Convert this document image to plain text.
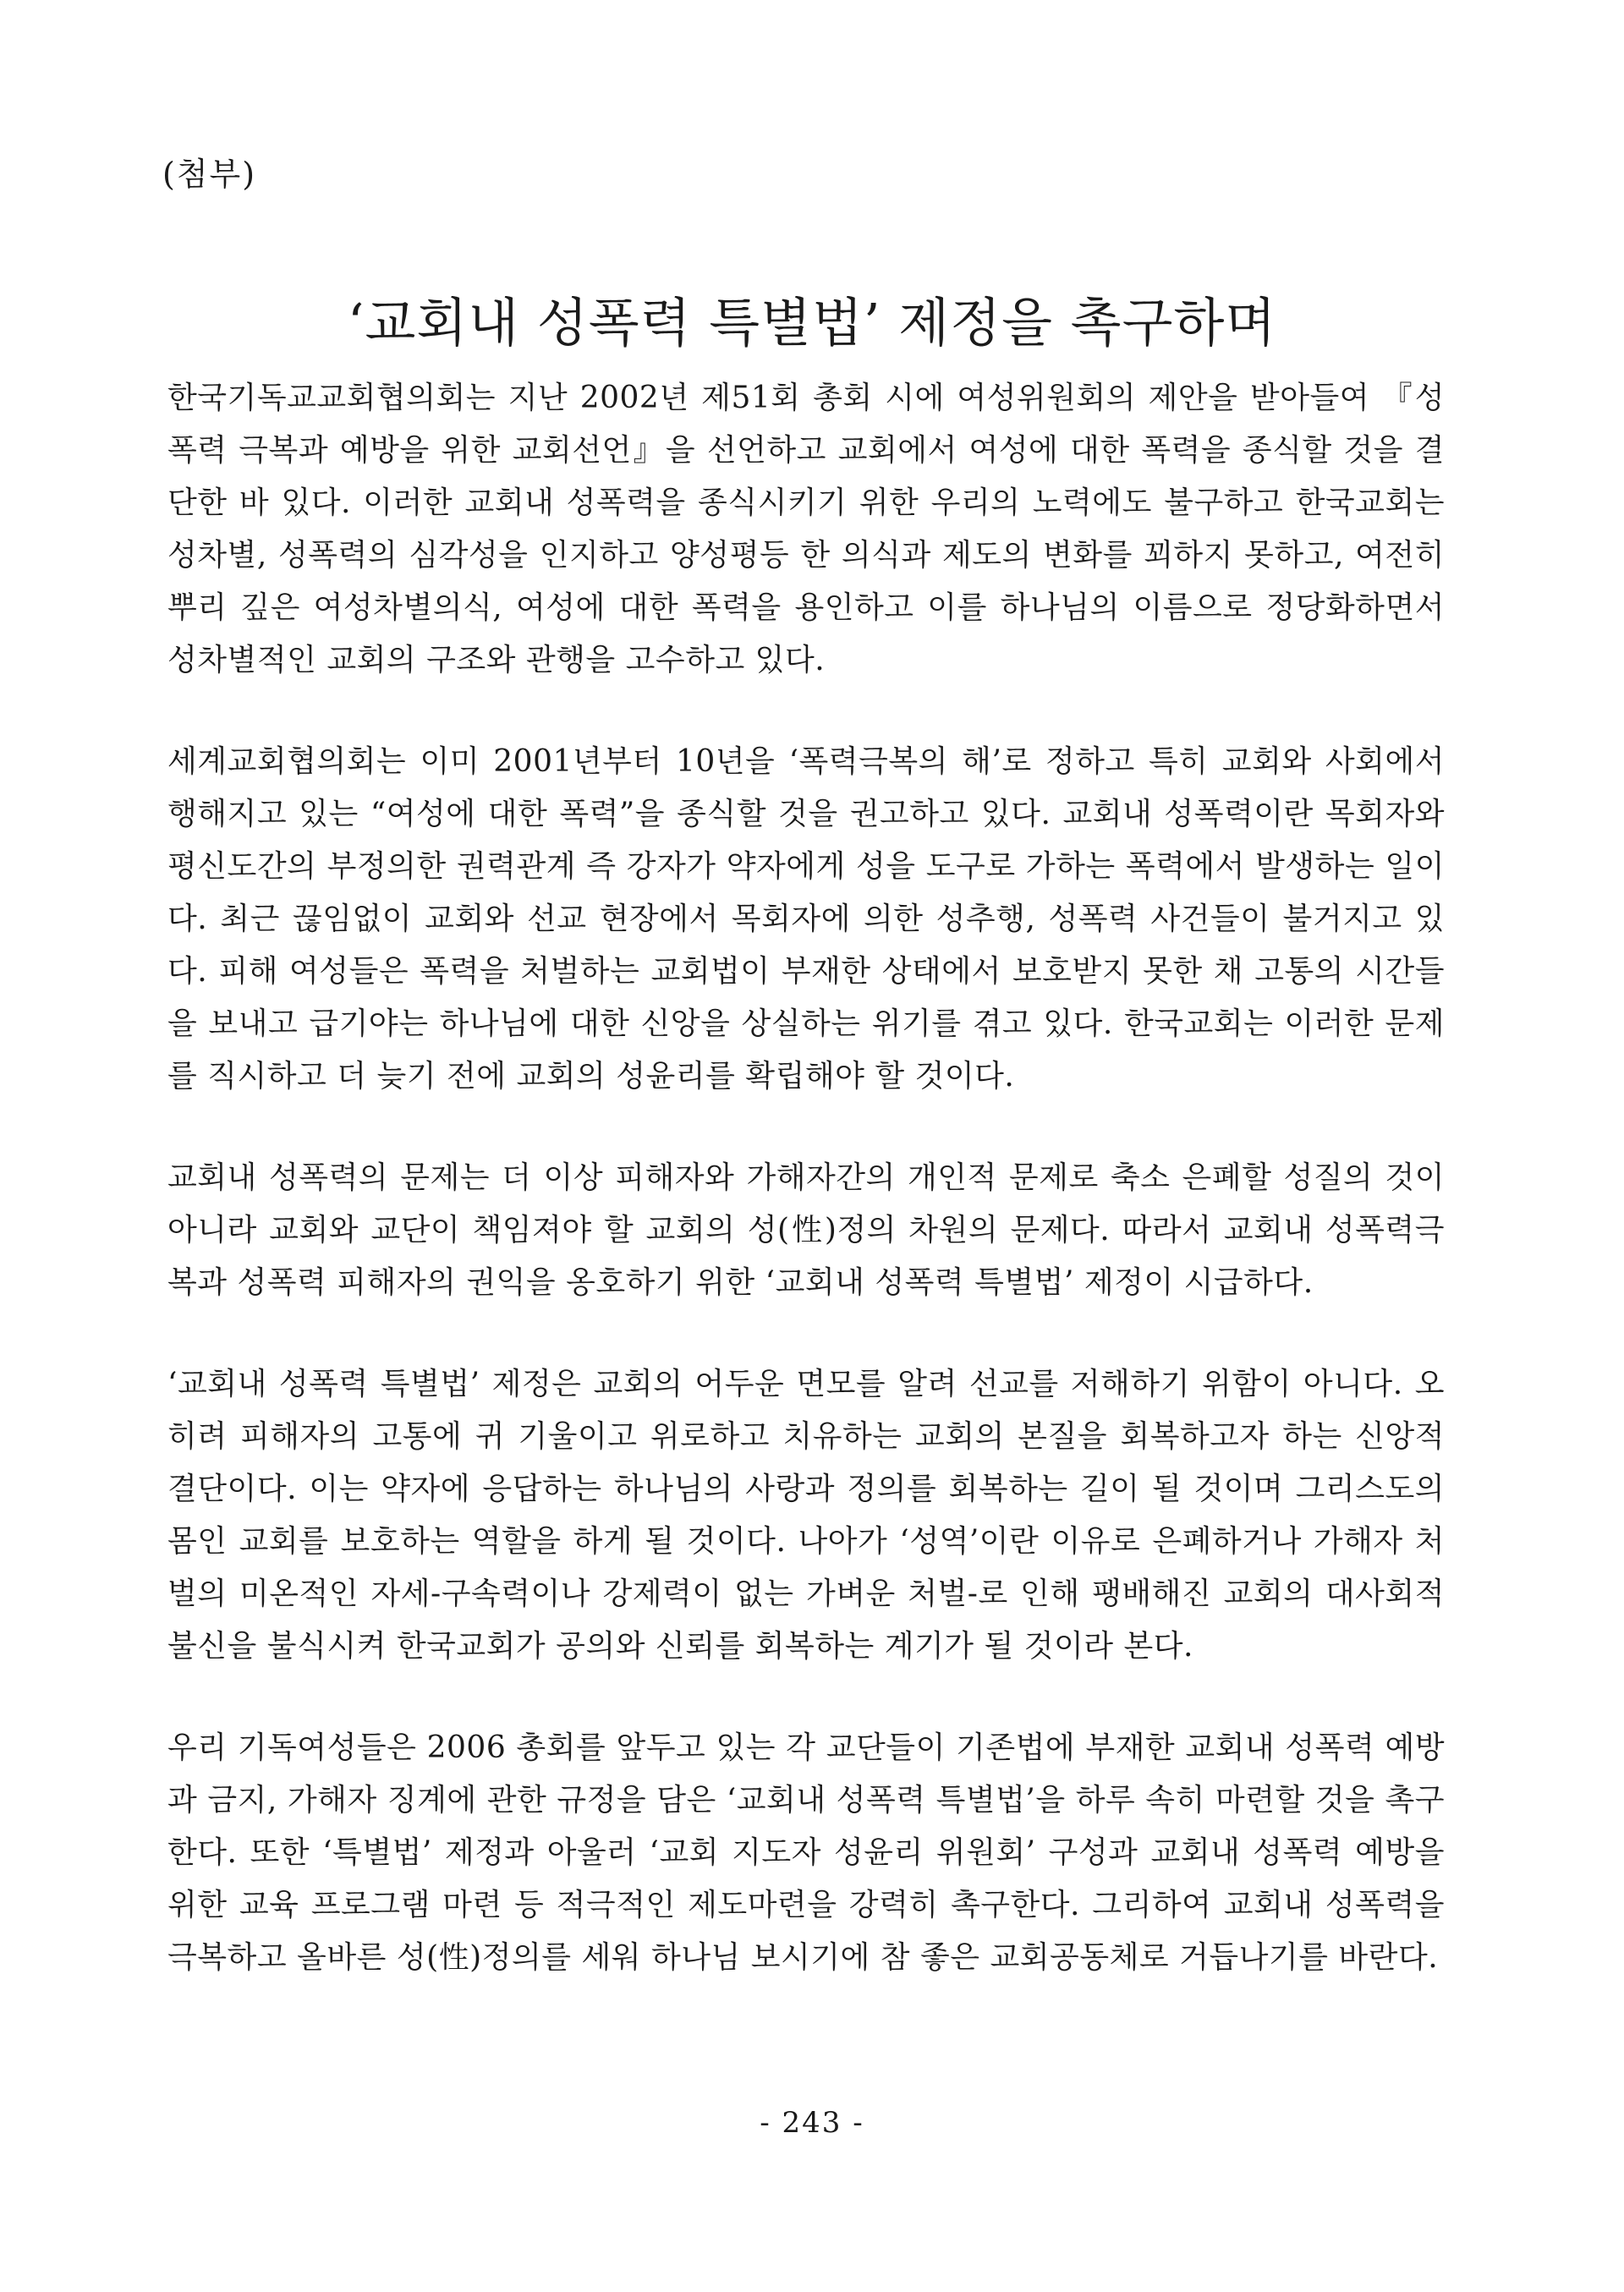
(첨부)
‘교회내 성폭력 특별법’ 제정을 촉구하며

한국기독교교회협의회는 지난 2002년 제51회 총회 시에 여성위원회의 제안을 받아들여 『성폭력 극복과 예방을 위한 교회선언』을 선언하고 교회에서 여성에 대한 폭력을 종식할 것을 결단한 바 있다. 이러한 교회내 성폭력을 종식시키기 위한 우리의 노력에도 불구하고 한국교회는 성차별, 성폭력의 심각성을 인지하고 양성평등 한 의식과 제도의 변화를 꾀하지 못하고, 여전히 뿌리 깊은 여성차별의식, 여성에 대한 폭력을 용인하고 이를 하나님의 이름으로 정당화하면서 성차별적인 교회의 구조와 관행을 고수하고 있다.

세계교회협의회는 이미 2001년부터 10년을 ‘폭력극복의 해’로 정하고 특히 교회와 사회에서 행해지고 있는 “여성에 대한 폭력”을 종식할 것을 권고하고 있다. 교회내 성폭력이란 목회자와 평신도간의 부정의한 권력관계 즉 강자가 약자에게 성을 도구로 가하는 폭력에서 발생하는 일이다. 최근 끊임없이 교회와 선교 현장에서 목회자에 의한 성추행, 성폭력 사건들이 불거지고 있다. 피해 여성들은 폭력을 처벌하는 교회법이 부재한 상태에서 보호받지 못한 채 고통의 시간들을 보내고 급기야는 하나님에 대한 신앙을 상실하는 위기를 겪고 있다. 한국교회는 이러한 문제를 직시하고 더 늦기 전에 교회의 성윤리를 확립해야 할 것이다.

교회내 성폭력의 문제는 더 이상 피해자와 가해자간의 개인적 문제로 축소 은폐할 성질의 것이 아니라 교회와 교단이 책임져야 할 교회의 성(性)정의 차원의 문제다. 따라서 교회내 성폭력극복과 성폭력 피해자의 권익을 옹호하기 위한 ‘교회내 성폭력 특별법’ 제정이 시급하다.

‘교회내 성폭력 특별법’ 제정은 교회의 어두운 면모를 알려 선교를 저해하기 위함이 아니다. 오히려 피해자의 고통에 귀 기울이고 위로하고 치유하는 교회의 본질을 회복하고자 하는 신앙적 결단이다. 이는 약자에 응답하는 하나님의 사랑과 정의를 회복하는 길이 될 것이며 그리스도의 몸인 교회를 보호하는 역할을 하게 될 것이다. 나아가 ‘성역’이란 이유로 은폐하거나 가해자 처벌의 미온적인 자세-구속력이나 강제력이 없는 가벼운 처벌-로 인해 팽배해진 교회의 대사회적 불신을 불식시켜 한국교회가 공의와 신뢰를 회복하는 계기가 될 것이라 본다.

우리 기독여성들은 2006 총회를 앞두고 있는 각 교단들이 기존법에 부재한 교회내 성폭력 예방과 금지, 가해자 징계에 관한 규정을 담은 ‘교회내 성폭력 특별법’을 하루 속히 마련할 것을 촉구한다. 또한 ‘특별법’ 제정과 아울러 ‘교회 지도자 성윤리 위원회’ 구성과 교회내 성폭력 예방을 위한 교육 프로그램 마련 등 적극적인 제도마련을 강력히 촉구한다. 그리하여 교회내 성폭력을 극복하고 올바른 성(性)정의를 세워 하나님 보시기에 참 좋은 교회공동체로 거듭나기를 바란다.

- 243 -
